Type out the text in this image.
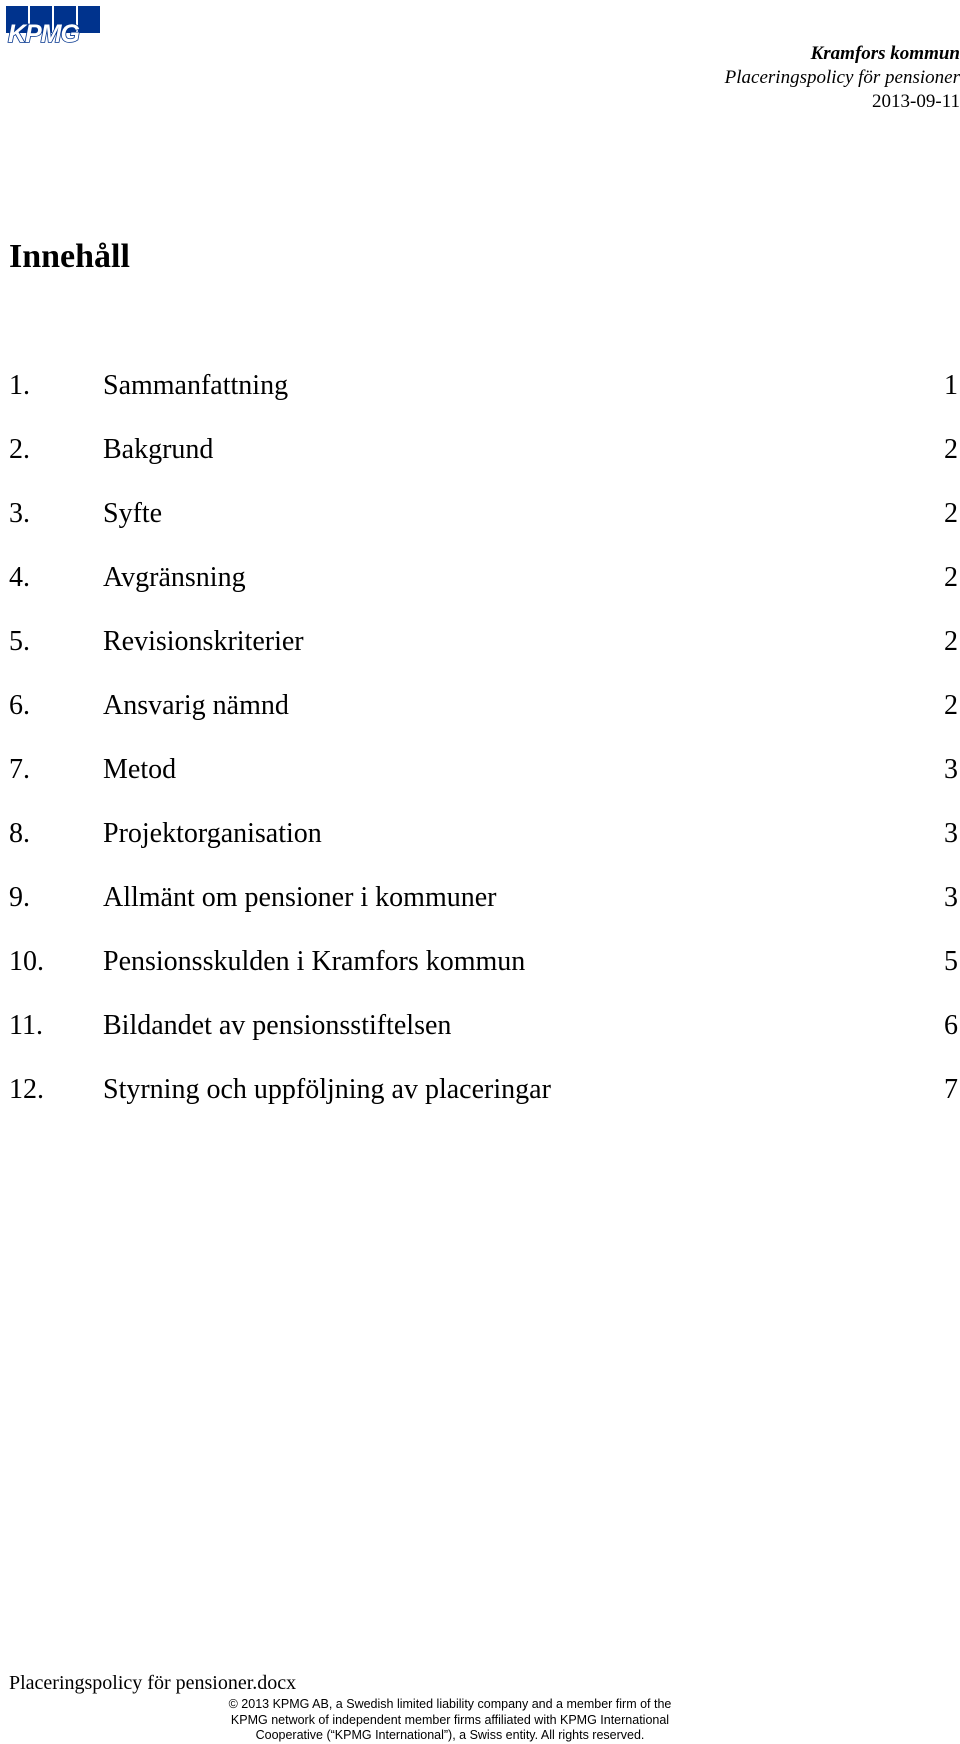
KPMG
Kramfors kommun
Placeringspolicy för pensioner
2013-09-11
Innehåll
1.	Sammanfattning	1
2.	Bakgrund	2
3.	Syfte	2
4.	Avgränsning	2
5.	Revisionskriterier	2
6.	Ansvarig nämnd	2
7.	Metod	3
8.	Projektorganisation	3
9.	Allmänt om pensioner i kommuner	3
10. Pensionsskulden i Kramfors kommun	5
11. Bildandet av pensionsstiftelsen	6
12. Styrning och uppföljning av placeringar	7
Placeringspolicy för pensioner.docx
© 2013 KPMG AB, a Swedish limited liability company and a member firm of the
KPMG network of independent member firms affiliated with KPMG International
Cooperative (“KPMG International”), a Swiss entity. All rights reserved.
